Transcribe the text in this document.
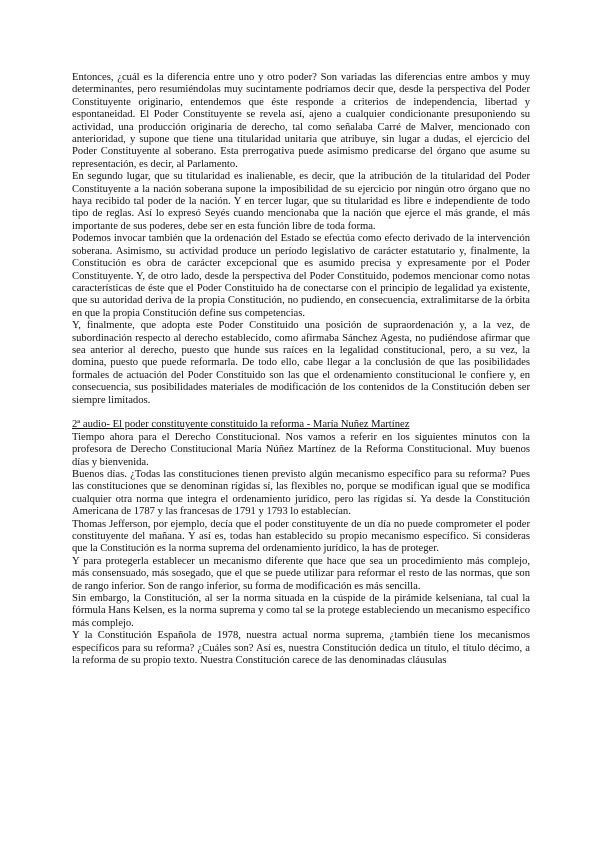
Entonces, ¿cuál es la diferencia entre uno y otro poder? Son variadas las diferencias entre ambos y muy determinantes, pero resumiéndolas muy sucintamente podríamos decir que, desde la perspectiva del Poder Constituyente originario, entendemos que éste responde a criterios de independencia, libertad y espontaneidad. El Poder Constituyente se revela así, ajeno a cualquier condicionante presuponiendo su actividad, una producción originaria de derecho, tal como señalaba Carré de Malver, mencionado con anterioridad, y supone que tiene una titularidad unitaria que atribuye, sin lugar a dudas, el ejercicio del Poder Constituyente al soberano. Esta prerrogativa puede asimismo predicarse del órgano que asume su representación, es decir, al Parlamento.

En segundo lugar, que su titularidad es inalienable, es decir, que la atribución de la titularidad del Poder Constituyente a la nación soberana supone la imposibilidad de su ejercicio por ningún otro órgano que no haya recibido tal poder de la nación. Y en tercer lugar, que su titularidad es libre e independiente de todo tipo de reglas. Así lo expresó Seyés cuando mencionaba que la nación que ejerce el más grande, el más importante de sus poderes, debe ser en esta función libre de toda forma.

Podemos invocar también que la ordenación del Estado se efectúa como efecto derivado de la intervención soberana. Asimismo, su actividad produce un período legislativo de carácter estatutario y, finalmente, la Constitución es obra de carácter excepcional que es asumido precisa y expresamente por el Poder Constituyente. Y, de otro lado, desde la perspectiva del Poder Constituido, podemos mencionar como notas características de éste que el Poder Constituido ha de conectarse con el principio de legalidad ya existente, que su autoridad deriva de la propia Constitución, no pudiendo, en consecuencia, extralimitarse de la órbita en que la propia Constitución define sus competencias.

Y, finalmente, que adopta este Poder Constituido una posición de supraordenación y, a la vez, de subordinación respecto al derecho establecido, como afirmaba Sánchez Agesta, no pudiéndose afirmar que sea anterior al derecho, puesto que hunde sus raíces en la legalidad constitucional, pero, a su vez, la domina, puesto que puede reformarla. De todo ello, cabe llegar a la conclusión de que las posibilidades formales de actuación del Poder Constituido son las que el ordenamiento constitucional le confiere y, en consecuencia, sus posibilidades materiales de modificación de los contenidos de la Constitución deben ser siempre limitados.

2ª audio- El poder constituyente constituido la reforma - María Nuñez Martínez

Tiempo ahora para el Derecho Constitucional. Nos vamos a referir en los siguientes minutos con la profesora de Derecho Constitucional María Núñez Martínez de la Reforma Constitucional. Muy buenos días y bienvenida.

Buenos días. ¿Todas las constituciones tienen previsto algún mecanismo específico para su reforma? Pues las constituciones que se denominan rígidas sí, las flexibles no, porque se modifican igual que se modifica cualquier otra norma que integra el ordenamiento jurídico, pero las rígidas sí. Ya desde la Constitución Americana de 1787 y las francesas de 1791 y 1793 lo establecían.

Thomas Jefferson, por ejemplo, decía que el poder constituyente de un día no puede comprometer el poder constituyente del mañana. Y así es, todas han establecido su propio mecanismo específico. Si consideras que la Constitución es la norma suprema del ordenamiento jurídico, la has de proteger.

Y para protegerla establecer un mecanismo diferente que hace que sea un procedimiento más complejo, más consensuado, más sosegado, que el que se puede utilizar para reformar el resto de las normas, que son de rango inferior. Son de rango inferior, su forma de modificación es más sencilla.

Sin embargo, la Constitución, al ser la norma situada en la cúspide de la pirámide kelseniana, tal cual la fórmula Hans Kelsen, es la norma suprema y como tal se la protege estableciendo un mecanismo específico más complejo.

Y la Constitución Española de 1978, nuestra actual norma suprema, ¿también tiene los mecanismos específicos para su reforma? ¿Cuáles son? Así es, nuestra Constitución dedica un título, el título décimo, a la reforma de su propio texto. Nuestra Constitución carece de las denominadas cláusulas
